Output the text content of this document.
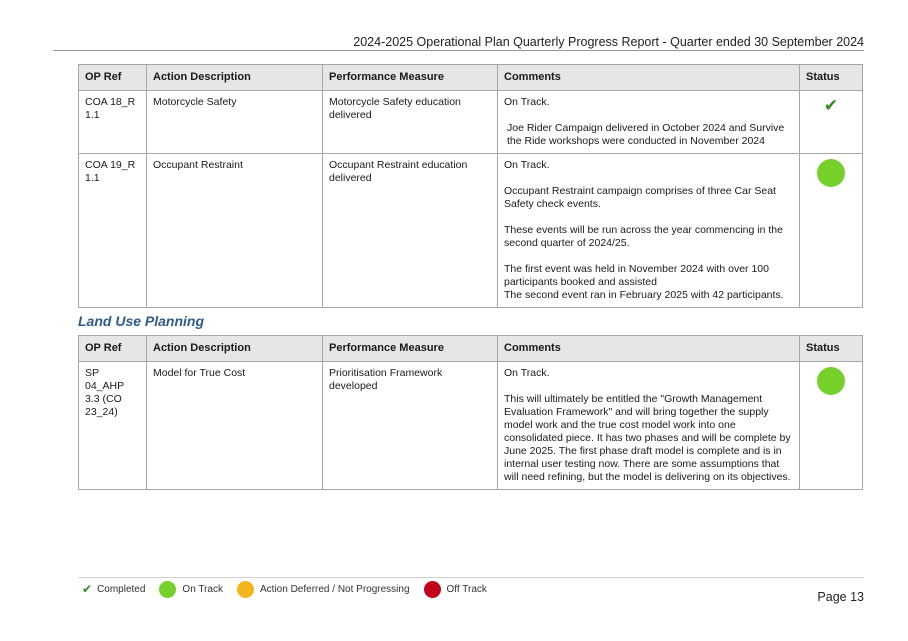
2024-2025 Operational Plan Quarterly Progress Report - Quarter ended 30 September 2024
OP Ref	Action Description	Performance Measure	Comments	Status
COA 18_R 1.1	Motorcycle Safety	Motorcycle Safety education delivered	On Track.

Joe Rider Campaign delivered in October 2024 and Survive the Ride workshops were conducted in November 2024	✔
COA 19_R 1.1	Occupant Restraint	Occupant Restraint education delivered	On Track.

Occupant Restraint campaign comprises of three Car Seat Safety check events.

These events will be run across the year commencing in the second quarter of 2024/25.

The first event was held in November 2024 with over 100 participants booked and assisted
The second event ran in February 2025 with 42 participants.	

Land Use Planning
OP Ref	Action Description	Performance Measure	Comments	Status
SP 04_AHP 3.3 (CO 23_24)	Model for True Cost	Prioritisation Framework developed	On Track.

This will ultimately be entitled the "Growth Management Evaluation Framework" and will bring together the supply model work and the true cost model work into one consolidated piece. It has two phases and will be complete by June 2025. The first phase draft model is complete and is in internal user testing now. There are some assumptions that will need refining, but the model is delivering on its objectives.	

✔ Completed	On Track	Action Deferred / Not Progressing	Off Track
Page 13
